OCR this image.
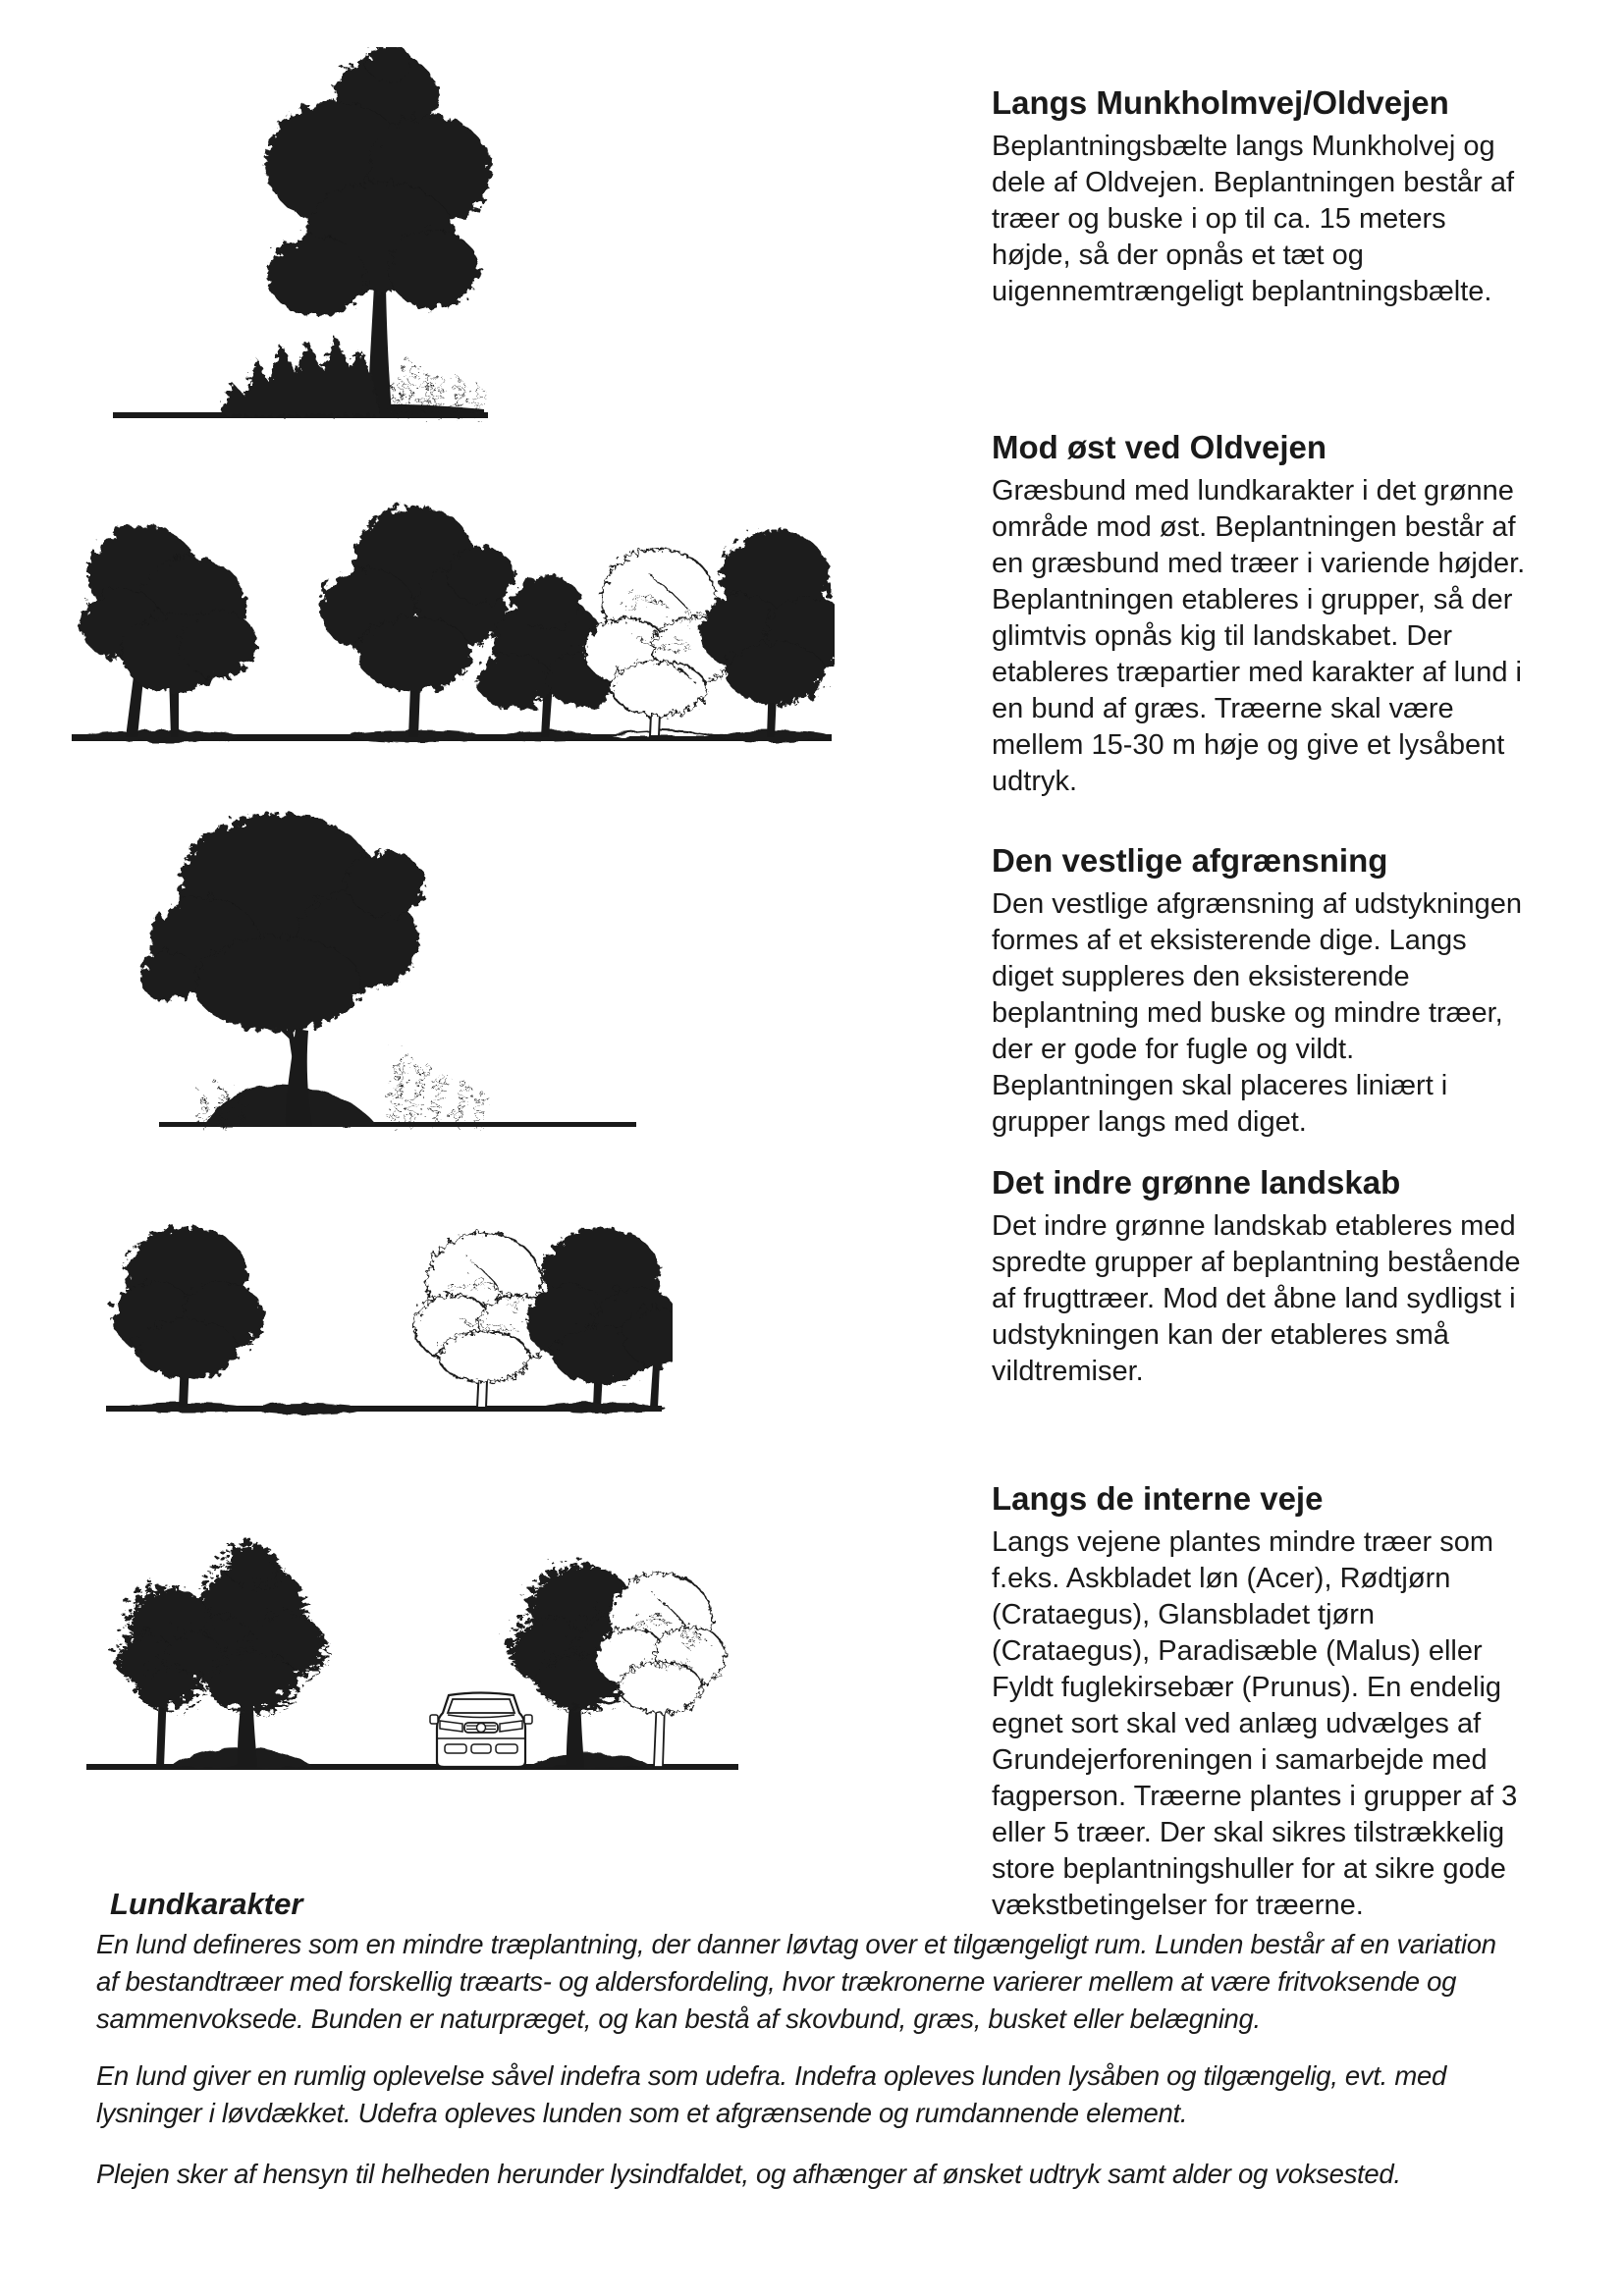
Langs Munkholmvej/Oldvejen

Beplantningsbælte langs Munkholvej og dele af Oldvejen. Beplantningen består af træer og buske i op til ca. 15 meters højde, så der opnås et tæt og uigennemtrængeligt beplantningsbælte.

Mod øst ved Oldvejen

Græsbund med lundkarakter i det grønne område mod øst. Beplantningen består af en græsbund med træer i variende højder. Beplantningen etableres i grupper, så der glimtvis opnås kig til landskabet. Der etableres træpartier med karakter af lund i en bund af græs. Træerne skal være mellem 15-30 m høje og give et lysåbent udtryk.

Den vestlige afgrænsning

Den vestlige afgrænsning af udstykningen formes af et eksisterende dige. Langs diget suppleres den eksisterende beplantning med buske og mindre træer, der er gode for fugle og vildt. Beplantningen skal placeres liniært i grupper langs med diget.

Det indre grønne landskab

Det indre grønne landskab etableres med spredte grupper af beplantning bestående af frugttræer. Mod det åbne land sydligst i udstykningen kan der etableres små vildtremiser.

Langs de interne veje

Langs vejene plantes mindre træer som f.eks. Askbladet løn (Acer), Rødtjørn (Crataegus), Glansbladet tjørn (Crataegus), Paradisæble (Malus) eller Fyldt fuglekirsebær (Prunus). En endelig egnet sort skal ved anlæg udvælges af Grundejerforeningen i samarbejde med fagperson. Træerne plantes i grupper af 3 eller 5 træer. Der skal sikres tilstrækkelig store beplantningshuller for at sikre gode vækstbetingelser for træerne.

Lundkarakter

En lund defineres som en mindre træplantning, der danner løvtag over et tilgængeligt rum. Lunden består af en variation af bestandtræer med forskellig træarts- og aldersfordeling, hvor trækronerne varierer mellem at være fritvoksende og sammenvoksede. Bunden er naturpræget, og kan bestå af skovbund, græs, busket eller belægning.

En lund giver en rumlig oplevelse såvel indefra som udefra. Indefra opleves lunden lysåben og tilgængelig, evt. med lysninger i løvdækket. Udefra opleves lunden som et afgrænsende og rumdannende element.

Plejen sker af hensyn til helheden herunder lysindfaldet, og afhænger af ønsket udtryk samt alder og voksested.
